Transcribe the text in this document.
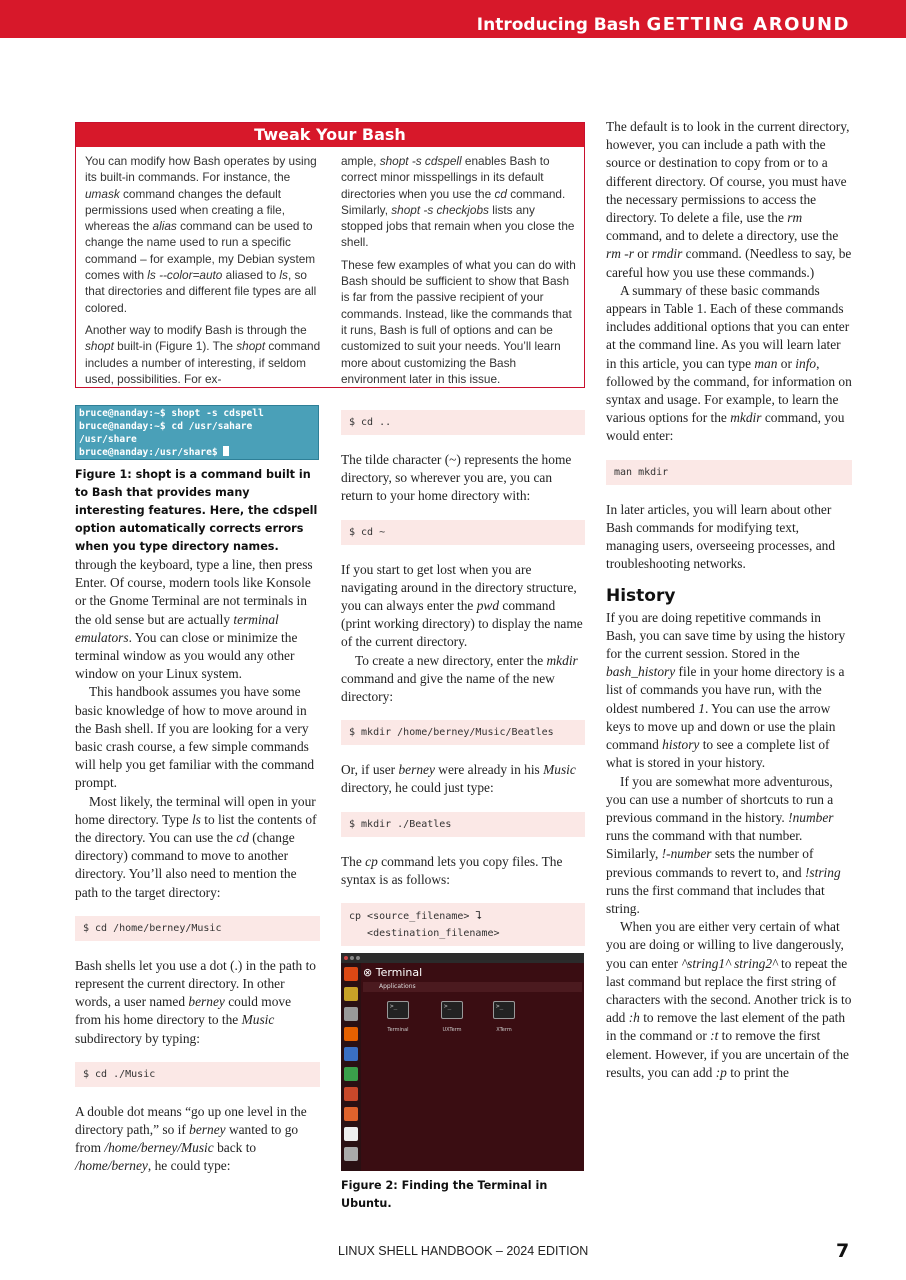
Introducing Bash GETTING AROUND
Tweak Your Bash

You can modify how Bash operates by using its built-in commands. For instance, the umask command changes the default permissions used when creating a file, whereas the alias command can be used to change the name used to run a specific command – for example, my Debian system comes with ls --color=auto aliased to ls, so that directories and different file types are all colored.

Another way to modify Bash is through the shopt built-in (Figure 1). The shopt command includes a number of interesting, if seldom used, possibilities. For ex-

ample, shopt -s cdspell enables Bash to correct minor misspellings in its default directories when you use the cd command. Similarly, shopt -s checkjobs lists any stopped jobs that remain when you close the shell.

These few examples of what you can do with Bash should be sufficient to show that Bash is far from the passive recipient of your commands. Instead, like the commands that it runs, Bash is full of options and can be customized to suit your needs. You’ll learn more about customizing the Bash environment later in this issue.

bruce@nanday:~$ shopt -s cdspell
bruce@nanday:~$ cd /usr/sahare
/usr/share
bruce@nanday:/usr/share$
Figure 1: shopt is a command built in to Bash that provides many interesting features. Here, the cdspell option automatically corrects errors when you type directory names.

through the keyboard, type a line, then press Enter. Of course, modern tools like Konsole or the Gnome Terminal are not terminals in the old sense but are actually terminal emulators. You can close or minimize the terminal window as you would any other window on your Linux system.

This handbook assumes you have some basic knowledge of how to move around in the Bash shell. If you are looking for a very basic crash course, a few simple commands will help you get familiar with the command prompt.

Most likely, the terminal will open in your home directory. Type ls to list the contents of the directory. You can use the cd (change directory) command to move to another directory. You’ll also need to mention the path to the target directory:

$ cd /home/berney/Music

Bash shells let you use a dot (.) in the path to represent the current directory. In other words, a user named berney could move from his home directory to the Music subdirectory by typing:

$ cd ./Music

A double dot means “go up one level in the directory path,” so if berney wanted to go from /home/berney/Music back to /home/berney, he could type:

$ cd ..

The tilde character (~) represents the home directory, so wherever you are, you can return to your home directory with:

$ cd ~

If you start to get lost when you are navigating around in the directory structure, you can always enter the pwd command (print working directory) to display the name of the current directory.

To create a new directory, enter the mkdir command and give the name of the new directory:

$ mkdir /home/berney/Music/Beatles

Or, if user berney were already in his Music directory, he could just type:

$ mkdir ./Beatles

The cp command lets you copy files. The syntax is as follows:

cp <source_filename> ⮧
<destination_filename>
⊗ Terminal
Applications
>_	>_	>_
Terminal	UXTerm	XTerm
Figure 2: Finding the Terminal in Ubuntu.

The default is to look in the current directory, however, you can include a path with the source or destination to copy from or to a different directory. Of course, you must have the necessary permissions to access the directory. To delete a file, use the rm command, and to delete a directory, use the rm -r or rmdir command. (Needless to say, be careful how you use these commands.)

A summary of these basic commands appears in Table 1. Each of these commands includes additional options that you can enter at the command line. As you will learn later in this article, you can type man or info, followed by the command, for information on syntax and usage. For example, to learn the various options for the mkdir command, you would enter:

man mkdir

In later articles, you will learn about other Bash commands for modifying text, managing users, overseeing processes, and troubleshooting networks.

History

If you are doing repetitive commands in Bash, you can save time by using the history for the current session. Stored in the bash_history file in your home directory is a list of commands you have run, with the oldest numbered 1. You can use the arrow keys to move up and down or use the plain command history to see a complete list of what is stored in your history.

If you are somewhat more adventurous, you can use a number of shortcuts to run a previous command in the history. !number runs the command with that number. Similarly, !-number sets the number of previous commands to revert to, and !string runs the first command that includes that string.

When you are either very certain of what you are doing or willing to live dangerously, you can enter ^string1^ string2^ to repeat the last command but replace the first string of characters with the second. Another trick is to add :h to remove the last element of the path in the command or :t to remove the first element. However, if you are uncertain of the results, you can add :p to print the

LINUX SHELL HANDBOOK – 2024 EDITION	7
